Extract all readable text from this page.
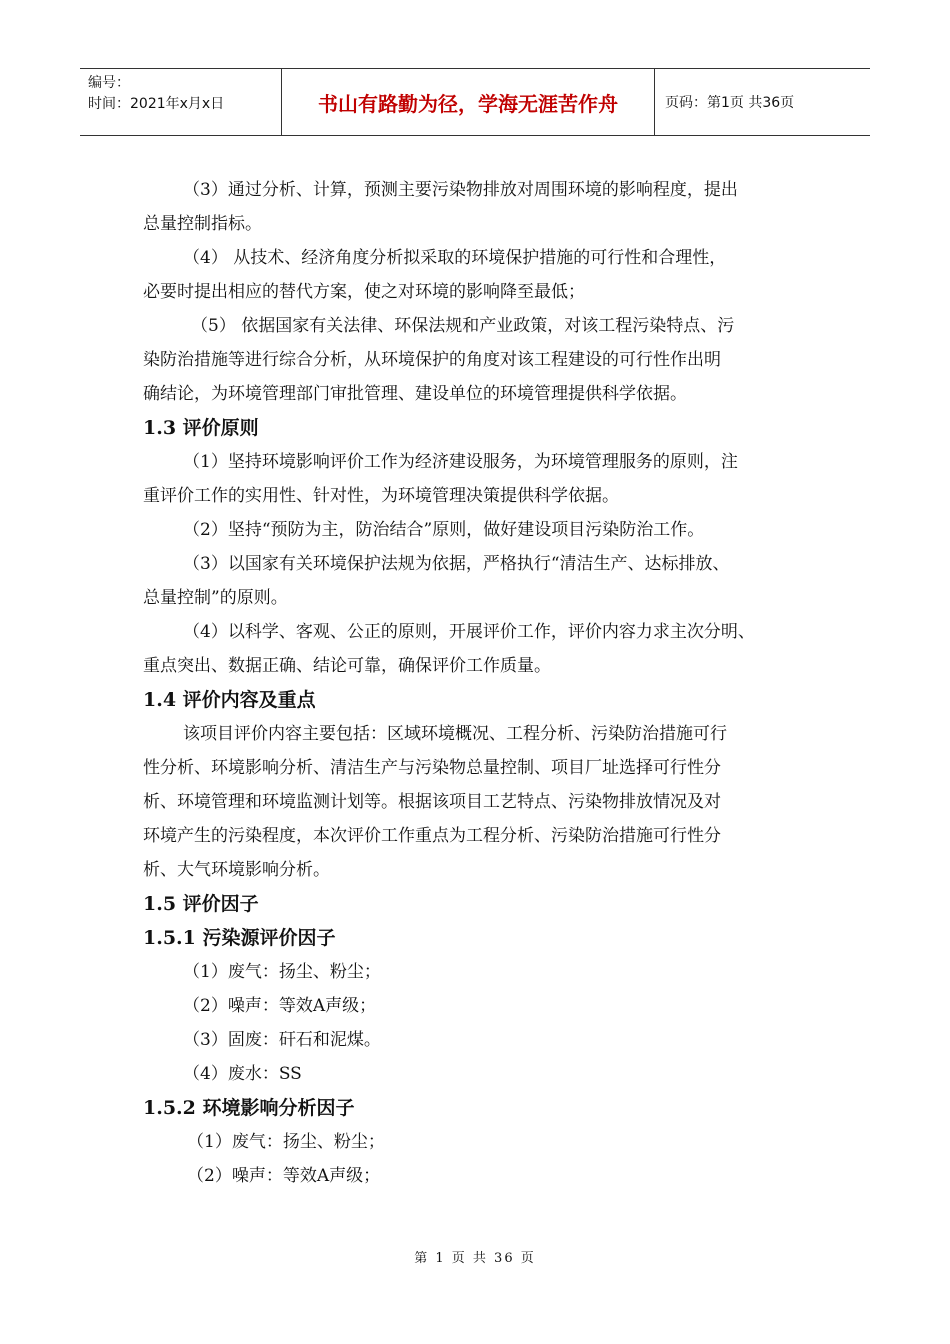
编号：
时间：2021年x月x日	书山有路勤为径，学海无涯苦作舟	页码：第1页 共36页

（3）通过分析、计算，预测主要污染物排放对周围环境的影响程度，提出

总量控制指标。

（4） 从技术、经济角度分析拟采取的环境保护措施的可行性和合理性，

必要时提出相应的替代方案，使之对环境的影响降至最低；

（5） 依据国家有关法律、环保法规和产业政策，对该工程污染特点、污

染防治措施等进行综合分析，从环境保护的角度对该工程建设的可行性作出明

确结论，为环境管理部门审批管理、建设单位的环境管理提供科学依据。

1.3 评价原则

（1）坚持环境影响评价工作为经济建设服务，为环境管理服务的原则，注

重评价工作的实用性、针对性，为环境管理决策提供科学依据。

（2）坚持“预防为主，防治结合”原则，做好建设项目污染防治工作。

（3）以国家有关环境保护法规为依据，严格执行“清洁生产、达标排放、

总量控制”的原则。

（4）以科学、客观、公正的原则，开展评价工作，评价内容力求主次分明、

重点突出、数据正确、结论可靠，确保评价工作质量。

1.4 评价内容及重点

该项目评价内容主要包括：区域环境概况、工程分析、污染防治措施可行

性分析、环境影响分析、清洁生产与污染物总量控制、项目厂址选择可行性分

析、环境管理和环境监测计划等。根据该项目工艺特点、污染物排放情况及对

环境产生的污染程度，本次评价工作重点为工程分析、污染防治措施可行性分

析、大气环境影响分析。

1.5 评价因子
1.5.1 污染源评价因子

（1）废气：扬尘、粉尘；

（2）噪声：等效A声级；

（3）固废：矸石和泥煤。

（4）废水：SS

1.5.2 环境影响分析因子

（1）废气：扬尘、粉尘；

（2）噪声：等效A声级；

第 1 页 共 36 页
